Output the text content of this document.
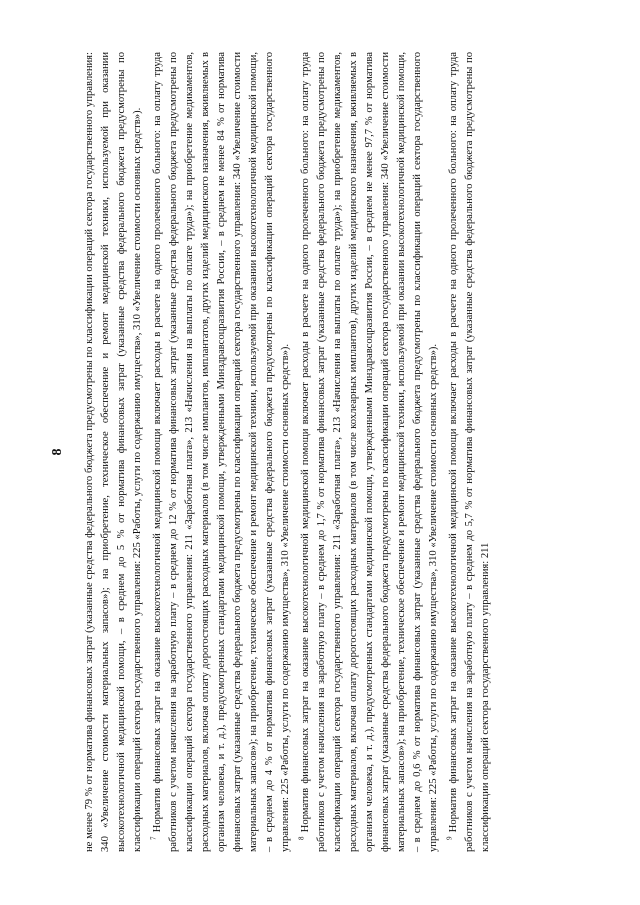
8 не менее 79 % от норматива финансовых затрат (указанные средства федерального бюджета предусмотрены по классификации операций сектора государственного управления: 340 «Увеличение стоимости материальных запасов»); на приобретение, техническое обеспечение и ремонт медицинской техники, используемой при оказании высокотехнологичной медицинской помощи, – в среднем до 5 % от норматива финансовых затрат (указанные средства федерального бюджета предусмотрены по классификации операций сектора государственного управления: 225 «Работы, услуги по содержанию имущества», 310 «Увеличение стоимости основных средств»). $^7$ Норматив финансовых затрат на оказание высокотехнологичной медицинской помощи включает расходы в расчете на одного пролеченного больного: на оплату труда работников с учетом начисления на заработную плату – в среднем до 12 % от норматива финансовых затрат (указанные средства федерального бюджета предусмотрены по классификации операций сектора государственного управления: 211 «Заработная плата», 213 «Начисления на выплаты по оплате труда»); на приобретение медикаментов, расходных материалов, включая оплату дорогостоящих расходных материалов (в том числе имплантов, имплантатов, других изделий медицинского назначения, вживляемых в организм человека, и т. д.), предусмотренных стандартами медицинской помощи, утвержденными Минздравсоцразвития России, – в среднем не менее 84 % от норматива финансовых затрат (указанные средства федерального бюджета предусмотрены по классификации операций сектора государственного управления: 340 «Увеличение стоимости материальных запасов»); на приобретение, техническое обеспечение и ремонт медицинской техники, используемой при оказании высокотехнологичной медицинской помощи, – в среднем до 4 % от норматива финансовых затрат (указанные средства федерального бюджета предусмотрены по классификации операций сектора государственного управления: 225 «Работы, услуги по содержанию имущества», 310 «Увеличение стоимости основных средств»). $^8$ Норматив финансовых затрат на оказание высокотехнологичной медицинской помощи включает расходы в расчете на одного пролеченного больного: на оплату труда работников с учетом начисления на заработную плату – в среднем до 1,7 % от норматива финансовых затрат (указанные средства федерального бюджета предусмотрены по классификации операций сектора государственного управления: 211 «Заработная плата», 213 «Начисления на выплаты по оплате труда»); на приобретение медикаментов, расходных материалов, включая оплату дорогостоящих расходных материалов (в том числе кохлеарных имплантов), других изделий медицинского назначения, вживляемых в организм человека, и т. д.), предусмотренных стандартами медицинской помощи, утвержденными Минздравсоцразвития России, – в среднем не менее 97,7 % от норматива финансовых затрат (указанные средства федерального бюджета предусмотрены по классификации операций сектора государственного управления: 340 «Увеличение стоимости материальных запасов»); на приобретение, техническое обеспечение и ремонт медицинской техники, используемой при оказании высокотехнологичной медицинской помощи, – в среднем до 0,6 % от норматива финансовых затрат (указанные средства федерального бюджета предусмотрены по классификации операций сектора государственного управления: 225 «Работы, услуги по содержанию имущества», 310 «Увеличение стоимости основных средств»). $^9$ Норматив финансовых затрат на оказание высокотехнологичной медицинской помощи включает расходы в расчете на одного пролеченного больного: на оплату труда работников с учетом начисления на заработную плату – в среднем до 5,7 % от норматива финансовых затрат (указанные средства федерального бюджета предусмотрены по классификации операций сектора государственного управления: 211
